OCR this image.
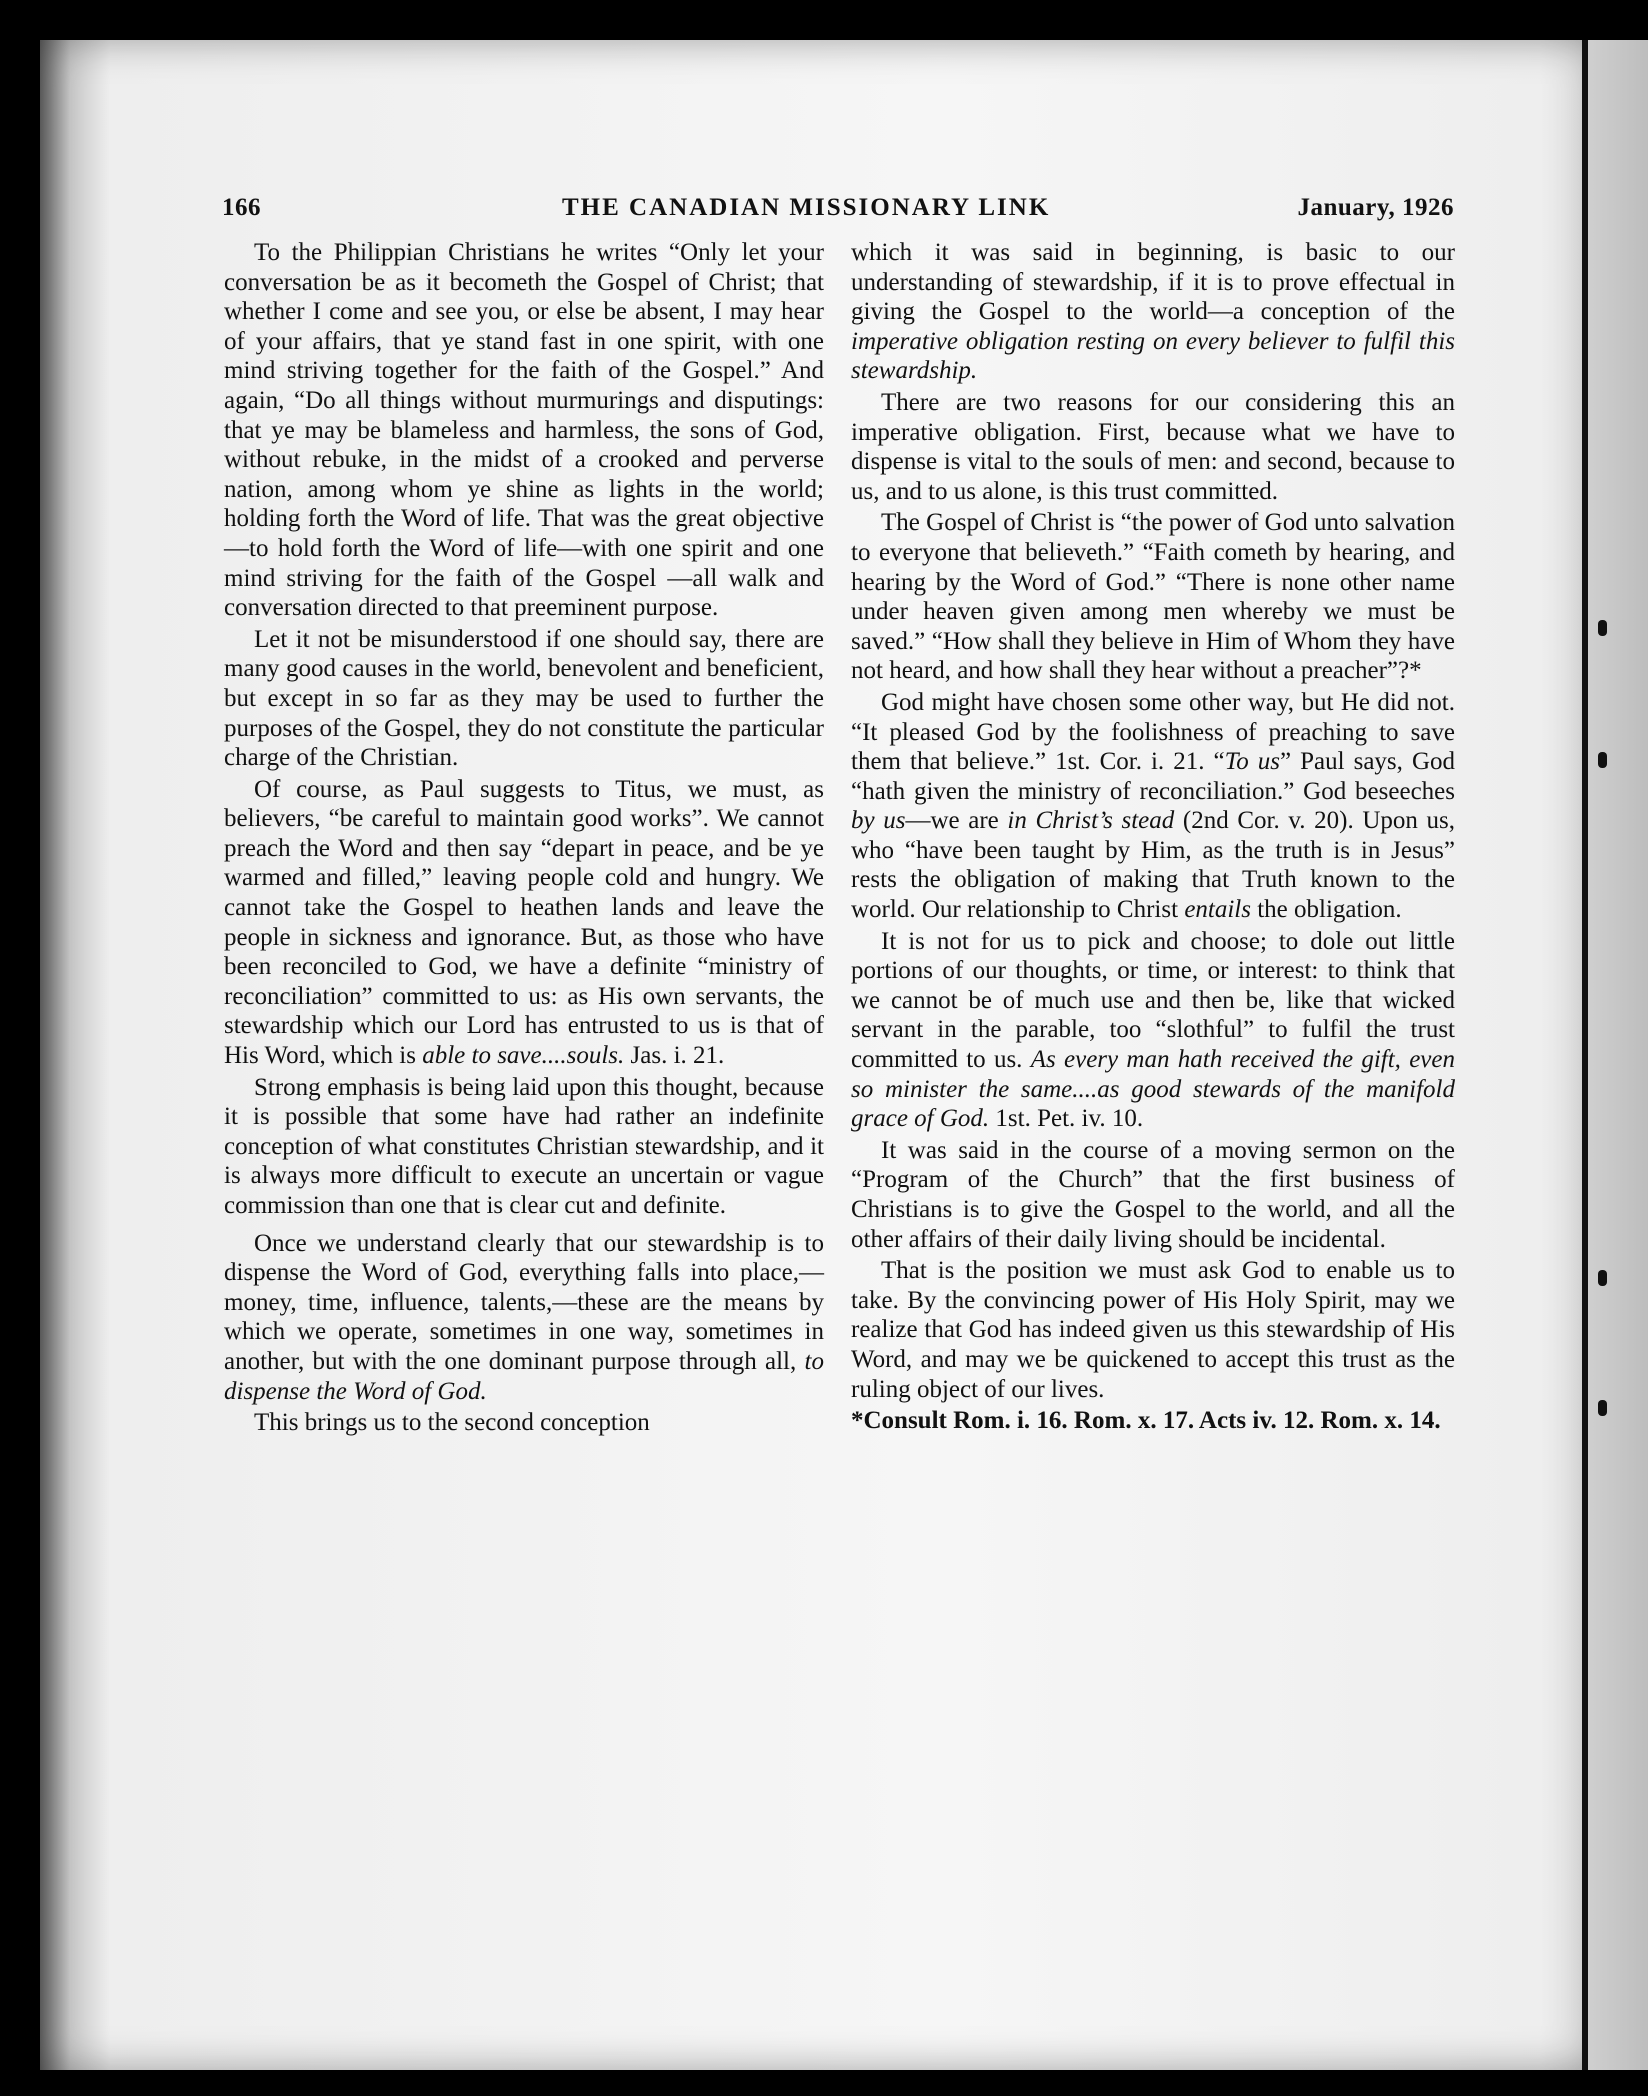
166	THE CANADIAN MISSIONARY LINK	January, 1926

To the Philippian Christians he writes “Only let your conversation be as it becometh the Gospel of Christ; that whether I come and see you, or else be absent, I may hear of your affairs, that ye stand fast in one spirit, with one mind striving together for the faith of the Gospel.” And again, “Do all things without murmurings and disputings: that ye may be blameless and harmless, the sons of God, without rebuke, in the midst of a crooked and perverse nation, among whom ye shine as lights in the world; holding forth the Word of life. That was the great objective—to hold forth the Word of life—with one spirit and one mind striving for the faith of the Gospel —all walk and conversation directed to that preeminent purpose.

Let it not be misunderstood if one should say, there are many good causes in the world, benevolent and beneficient, but except in so far as they may be used to further the purposes of the Gospel, they do not constitute the particular charge of the Christian.

Of course, as Paul suggests to Titus, we must, as believers, “be careful to maintain good works”. We cannot preach the Word and then say “depart in peace, and be ye warmed and filled,” leaving people cold and hungry. We cannot take the Gospel to heathen lands and leave the people in sickness and ignorance. But, as those who have been reconciled to God, we have a definite “ministry of reconciliation” committed to us: as His own servants, the stewardship which our Lord has entrusted to us is that of His Word, which is able to save....souls. Jas. i. 21.

Strong emphasis is being laid upon this thought, because it is possible that some have had rather an indefinite conception of what constitutes Christian stewardship, and it is always more difficult to execute an uncertain or vague commission than one that is clear cut and definite.

Once we understand clearly that our stewardship is to dispense the Word of God, everything falls into place,—money, time, influence, talents,—these are the means by which we operate, sometimes in one way, sometimes in another, but with the one dominant purpose through all, to dispense the Word of God.

This brings us to the second conception

which it was said in beginning, is basic to our understanding of stewardship, if it is to prove effectual in giving the Gospel to the world—a conception of the imperative obligation resting on every believer to fulfil this stewardship.

There are two reasons for our considering this an imperative obligation. First, because what we have to dispense is vital to the souls of men: and second, because to us, and to us alone, is this trust committed.

The Gospel of Christ is “the power of God unto salvation to everyone that believeth.” “Faith cometh by hearing, and hearing by the Word of God.” “There is none other name under heaven given among men whereby we must be saved.” “How shall they believe in Him of Whom they have not heard, and how shall they hear without a preacher”?*

God might have chosen some other way, but He did not. “It pleased God by the foolishness of preaching to save them that believe.” 1st. Cor. i. 21. “To us” Paul says, God “hath given the ministry of reconciliation.” God beseeches by us—we are in Christ’s stead (2nd Cor. v. 20). Upon us, who “have been taught by Him, as the truth is in Jesus” rests the obligation of making that Truth known to the world. Our relationship to Christ entails the obligation.

It is not for us to pick and choose; to dole out little portions of our thoughts, or time, or interest: to think that we cannot be of much use and then be, like that wicked servant in the parable, too “slothful” to fulfil the trust committed to us. As every man hath received the gift, even so minister the same....as good stewards of the manifold grace of God. 1st. Pet. iv. 10.

It was said in the course of a moving sermon on the “Program of the Church” that the first business of Christians is to give the Gospel to the world, and all the other affairs of their daily living should be incidental.

That is the position we must ask God to enable us to take. By the convincing power of His Holy Spirit, may we realize that God has indeed given us this stewardship of His Word, and may we be quickened to accept this trust as the ruling object of our lives.

*Consult Rom. i. 16. Rom. x. 17. Acts iv. 12. Rom. x. 14.
